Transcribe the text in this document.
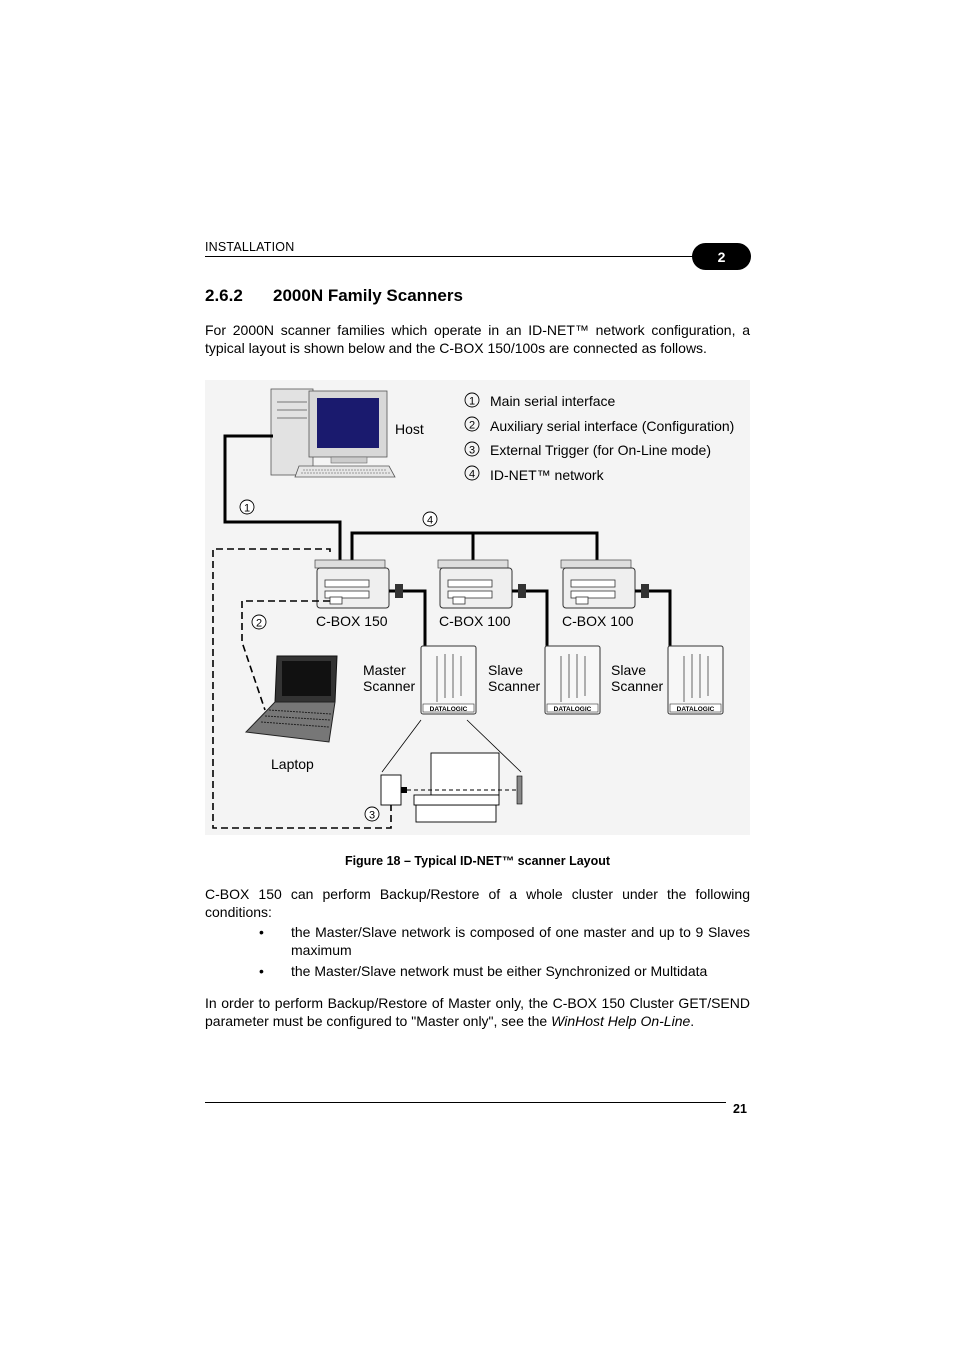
INSTALLATION
2
2.6.2 2000N Family Scanners
For 2000N scanner families which operate in an ID-NET™ network configuration, a typical layout is shown below and the C-BOX 150/100s are connected as follows.
Host
1 Main serial interface
2 Auxiliary serial interface (Configuration)
3 External Trigger (for On-Line mode)
4 ID-NET™ network
1
4
C-BOX 150	C-BOX 100	C-BOX 100
DATALOGIC	DATALOGIC	DATALOGIC
Master
Scanner
Slave
Scanner
Slave
Scanner
2
Laptop
3
Figure 18 – Typical ID-NET™ scanner Layout
C-BOX 150 can perform Backup/Restore of a whole cluster under the following conditions:
• the Master/Slave network is composed of one master and up to 9 Slaves maximum
• the Master/Slave network must be either Synchronized or Multidata
In order to perform Backup/Restore of Master only, the C-BOX 150 Cluster GET/SEND parameter must be configured to "Master only", see the WinHost Help On-Line.
21
